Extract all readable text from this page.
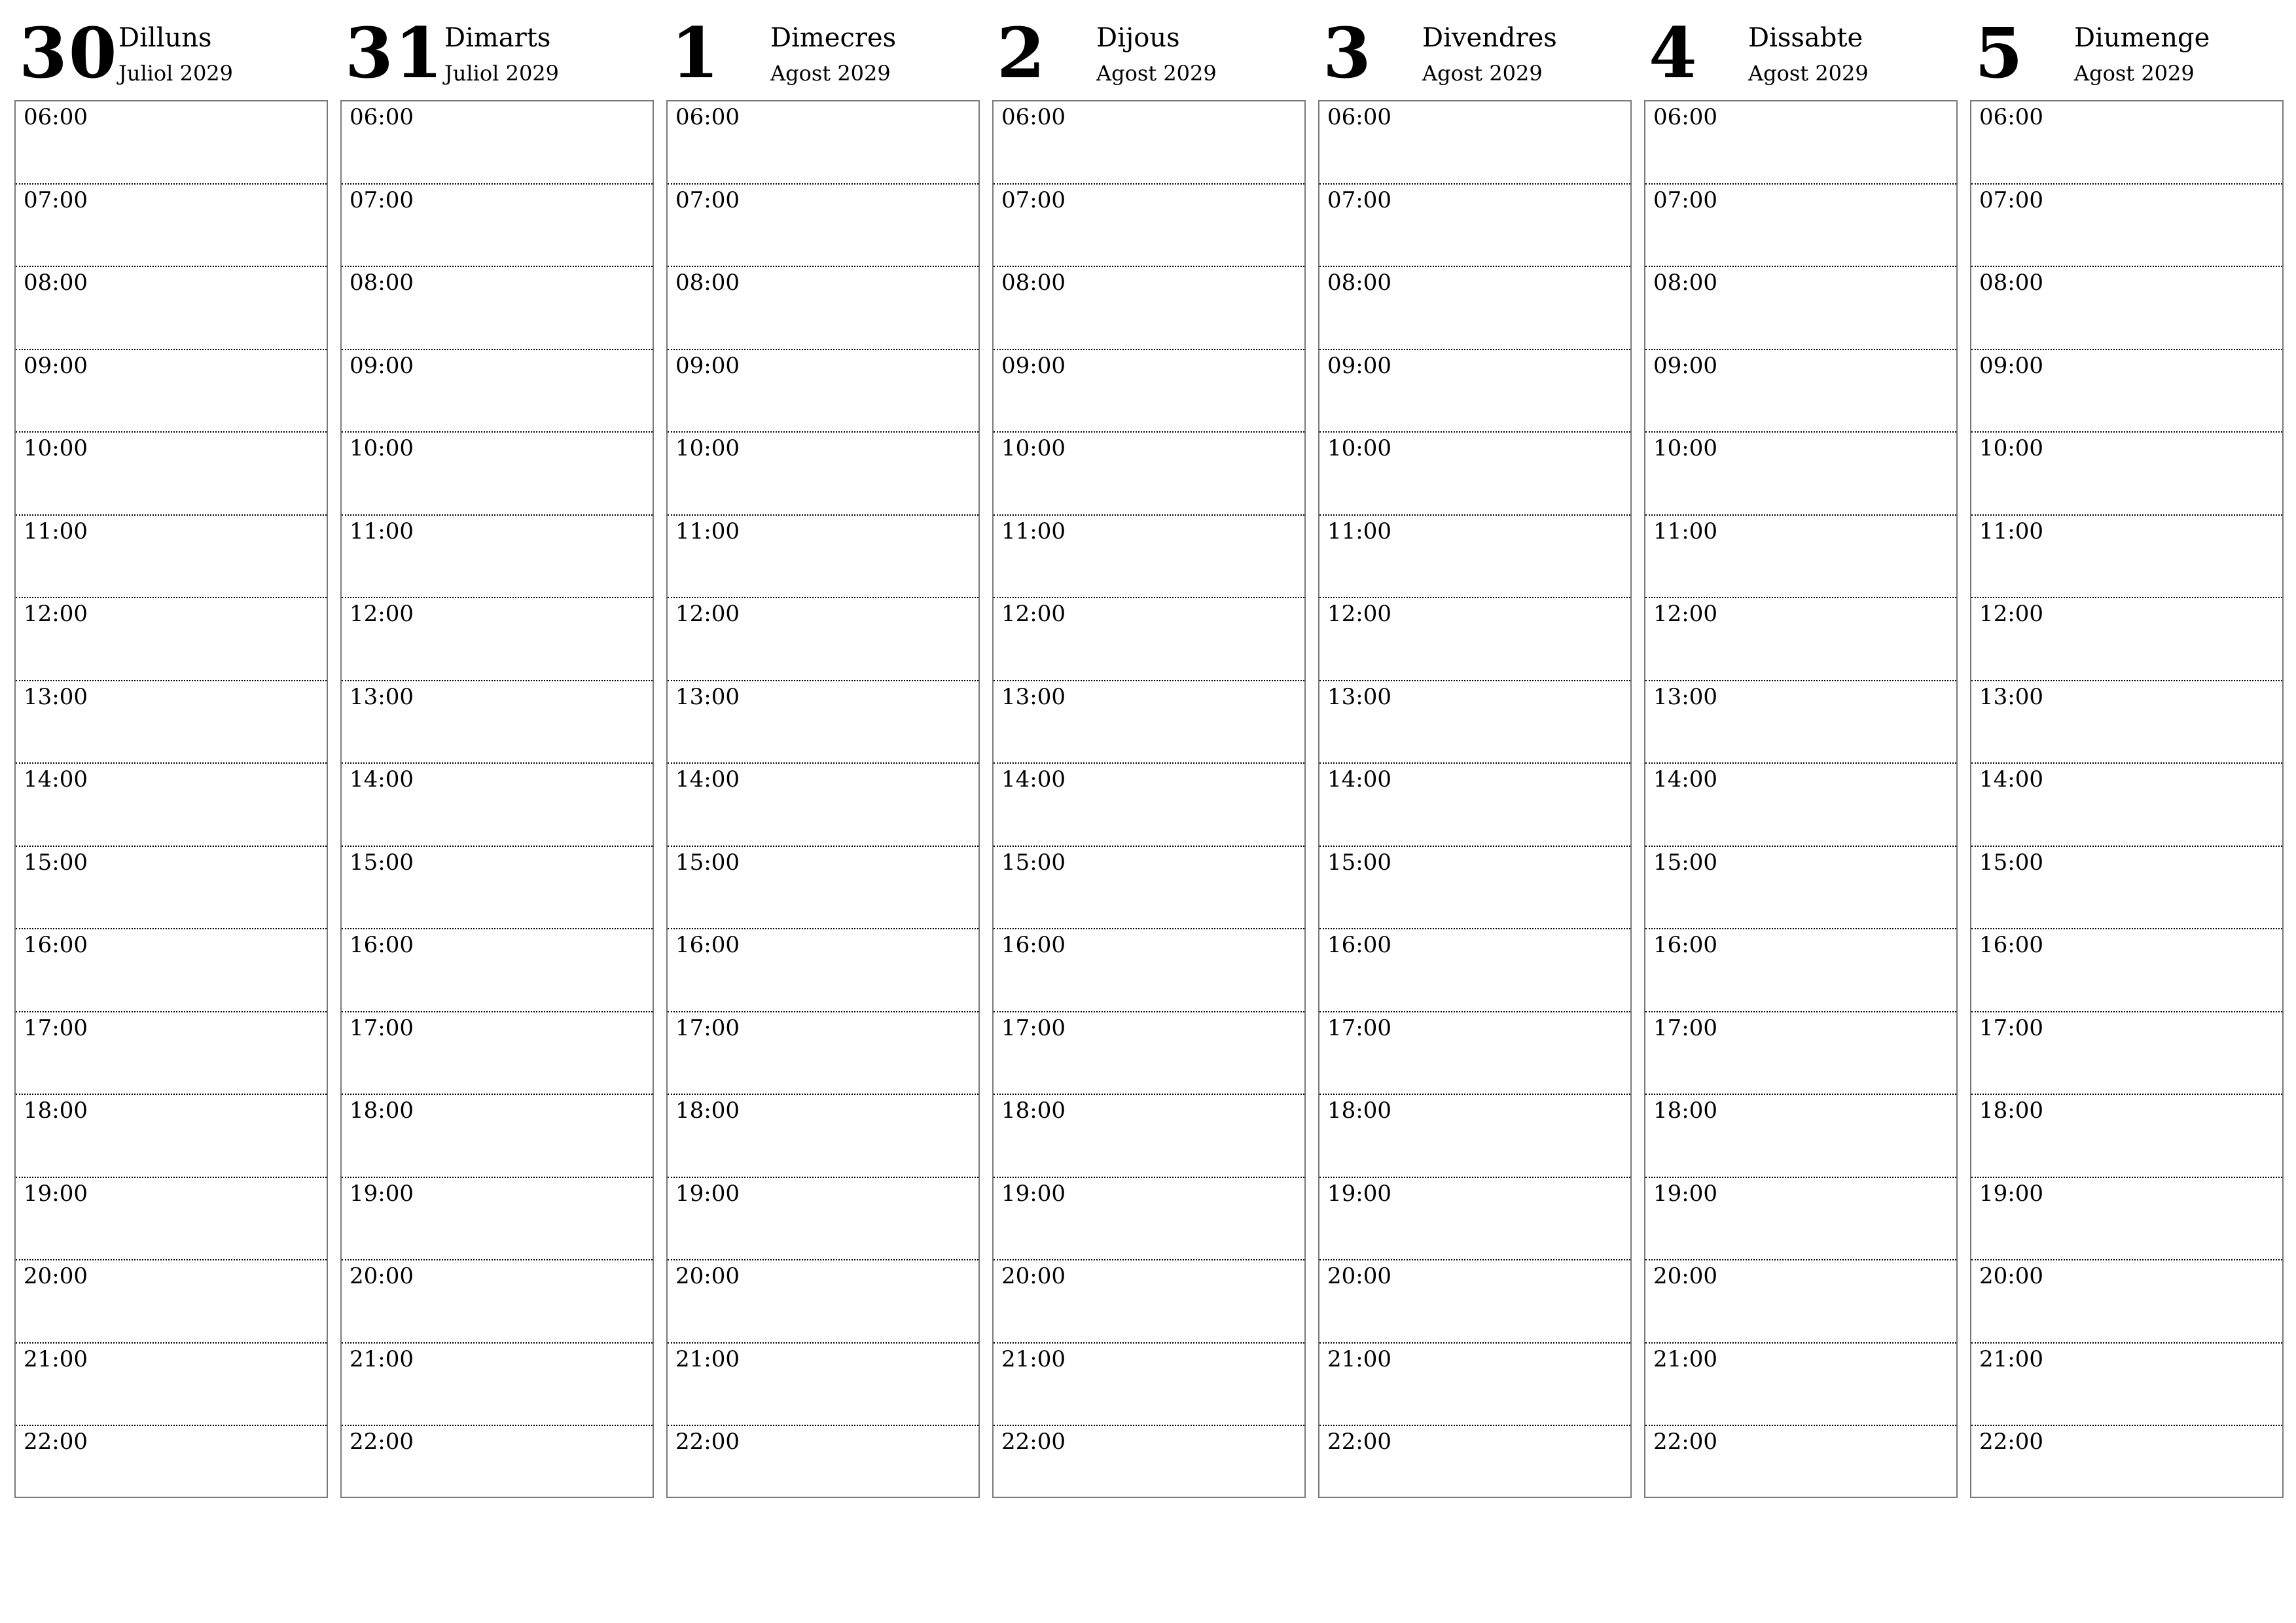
30 Dilluns
Juliol 2029
06:00
07:00
08:00
09:00
10:00
11:00
12:00
13:00
14:00
15:00
16:00
17:00
18:00
19:00
20:00
21:00
22:00
31 Dimarts
Juliol 2029
06:00
07:00
08:00
09:00
10:00
11:00
12:00
13:00
14:00
15:00
16:00
17:00
18:00
19:00
20:00
21:00
22:00
1 Dimecres
Agost 2029
06:00
07:00
08:00
09:00
10:00
11:00
12:00
13:00
14:00
15:00
16:00
17:00
18:00
19:00
20:00
21:00
22:00
2 Dijous
Agost 2029
06:00
07:00
08:00
09:00
10:00
11:00
12:00
13:00
14:00
15:00
16:00
17:00
18:00
19:00
20:00
21:00
22:00
3 Divendres
Agost 2029
06:00
07:00
08:00
09:00
10:00
11:00
12:00
13:00
14:00
15:00
16:00
17:00
18:00
19:00
20:00
21:00
22:00
4 Dissabte
Agost 2029
06:00
07:00
08:00
09:00
10:00
11:00
12:00
13:00
14:00
15:00
16:00
17:00
18:00
19:00
20:00
21:00
22:00
5 Diumenge
Agost 2029
06:00
07:00
08:00
09:00
10:00
11:00
12:00
13:00
14:00
15:00
16:00
17:00
18:00
19:00
20:00
21:00
22:00
